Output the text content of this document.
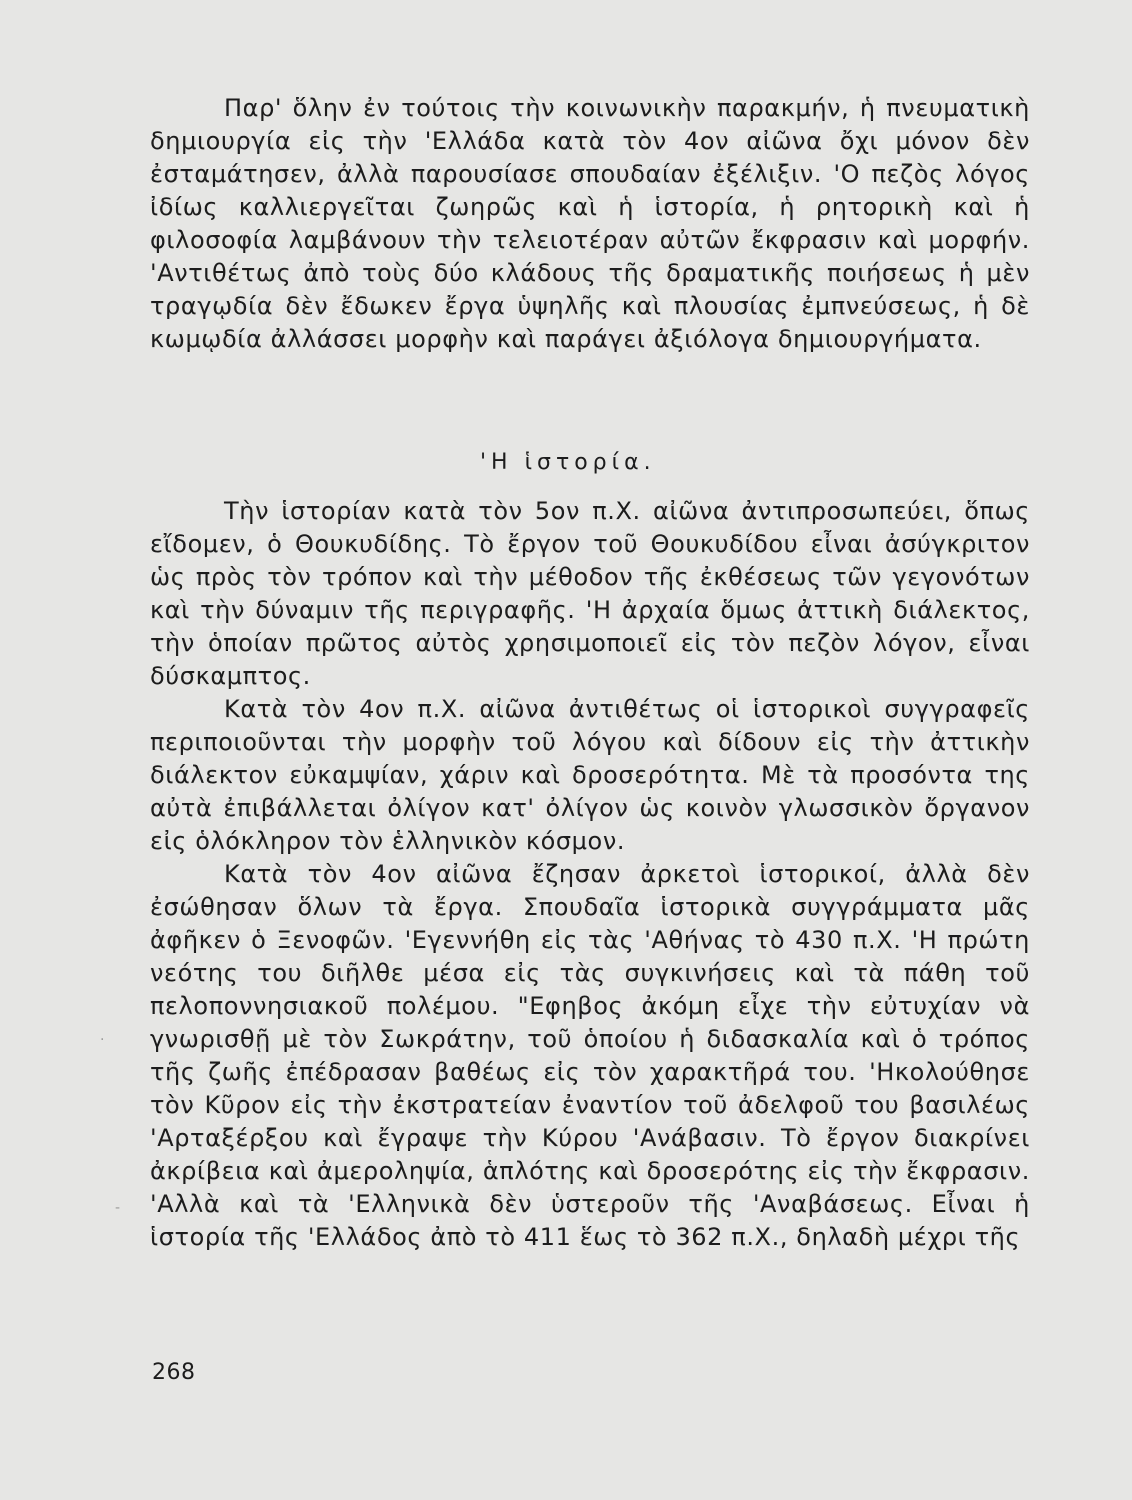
Παρ' ὅλην ἐν τούτοις τὴν κοινωνικὴν παρακμήν, ἡ πνευματικὴ δημιουργία εἰς τὴν 'Ελλάδα κατὰ τὸν 4ον αἰῶνα ὄχι μόνον δὲν ἐσταμάτησεν, ἀλλὰ παρουσίασε σπουδαίαν ἐξέλιξιν. 'Ο πεζὸς λόγος ἰδίως καλλιεργεῖται ζωηρῶς καὶ ἡ ἱστορία, ἡ ρητορικὴ καὶ ἡ φιλοσοφία λαμβάνουν τὴν τελειοτέραν αὐτῶν ἔκφρασιν καὶ μορφήν. 'Αντιθέτως ἀπὸ τοὺς δύο κλάδους τῆς δραματικῆς ποιήσεως ἡ μὲν τραγῳδία δὲν ἔδωκεν ἔργα ὑψηλῆς καὶ πλουσίας ἐμπνεύσεως, ἡ δὲ κωμῳδία ἀλλάσσει μορφὴν καὶ παράγει ἀξιόλογα δημιουργήματα.

'Η ἱστορία.

Τὴν ἱστορίαν κατὰ τὸν 5ον π.Χ. αἰῶνα ἀντιπροσωπεύει, ὅπως εἴδομεν, ὁ Θουκυδίδης. Τὸ ἔργον τοῦ Θουκυδίδου εἶναι ἀσύγκριτον ὡς πρὸς τὸν τρόπον καὶ τὴν μέθοδον τῆς ἐκθέσεως τῶν γεγονότων καὶ τὴν δύναμιν τῆς περιγραφῆς. 'Η ἀρχαία ὅμως ἀττικὴ διάλεκτος, τὴν ὁποίαν πρῶτος αὐτὸς χρησιμοποιεῖ εἰς τὸν πεζὸν λόγον, εἶναι δύσκαμπτος.

Κατὰ τὸν 4ον π.Χ. αἰῶνα ἀντιθέτως οἱ ἱστορικοὶ συγγραφεῖς περιποιοῦνται τὴν μορφὴν τοῦ λόγου καὶ δίδουν εἰς τὴν ἀττικὴν διάλεκτον εὐκαμψίαν, χάριν καὶ δροσερότητα. Μὲ τὰ προσόντα της αὐτὰ ἐπιβάλλεται ὀλίγον κατ' ὀλίγον ὡς κοινὸν γλωσσικὸν ὄργανον εἰς ὁλόκληρον τὸν ἑλληνικὸν κόσμον.

Κατὰ τὸν 4ον αἰῶνα ἔζησαν ἀρκετοὶ ἱστορικοί, ἀλλὰ δὲν ἐσώθησαν ὅλων τὰ ἔργα. Σπουδαῖα ἱστορικὰ συγγράμματα μᾶς ἀφῆκεν ὁ Ξενοφῶν. 'Εγεννήθη εἰς τὰς 'Αθήνας τὸ 430 π.Χ. 'Η πρώτη νεότης του διῆλθε μέσα εἰς τὰς συγκινήσεις καὶ τὰ πάθη τοῦ πελοποννησιακοῦ πολέμου. "Εφηβος ἀκόμη εἶχε τὴν εὐτυχίαν νὰ γνωρισθῇ μὲ τὸν Σωκράτην, τοῦ ὁποίου ἡ διδασκαλία καὶ ὁ τρόπος τῆς ζωῆς ἐπέδρασαν βαθέως εἰς τὸν χαρακτῆρά του. 'Ηκολούθησε τὸν Κῦρον εἰς τὴν ἐκστρατείαν ἐναντίον τοῦ ἀδελφοῦ του βασιλέως 'Αρταξέρξου καὶ ἔγραψε τὴν Κύρου 'Ανάβασιν. Τὸ ἔργον διακρίνει ἀκρίβεια καὶ ἀμεροληψία, ἁπλότης καὶ δροσερότης εἰς τὴν ἔκφρασιν. 'Αλλὰ καὶ τὰ 'Ελληνικὰ δὲν ὑστεροῦν τῆς 'Αναβάσεως. Εἶναι ἡ ἱστορία τῆς 'Ελλάδος ἀπὸ τὸ 411 ἕως τὸ 362 π.Χ., δηλαδὴ μέχρι τῆς

268
·
-
